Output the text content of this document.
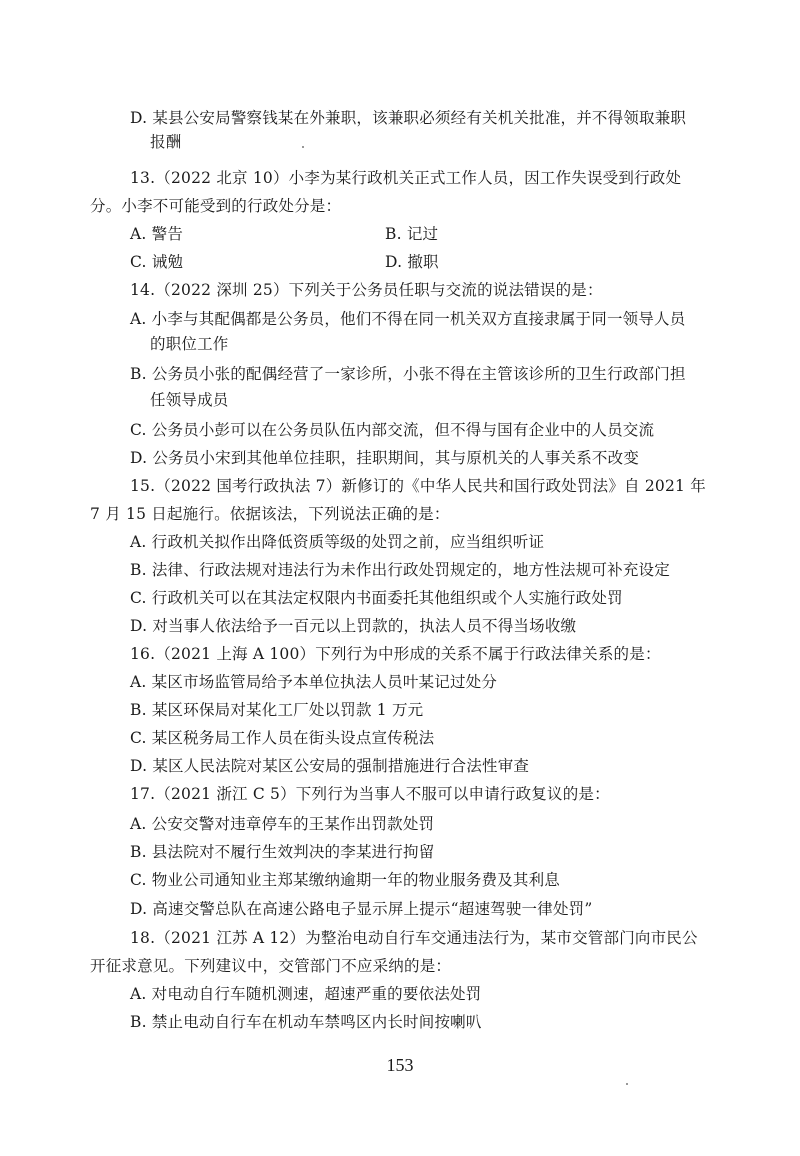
D. 某县公安局警察钱某在外兼职，该兼职必须经有关机关批准，并不得领取兼职

报酬

13.（2022 北京 10）小李为某行政机关正式工作人员，因工作失误受到行政处

分。小李不可能受到的行政处分是：

A. 警告	B. 记过

C. 诫勉	D. 撤职

14.（2022 深圳 25）下列关于公务员任职与交流的说法错误的是：

A. 小李与其配偶都是公务员，他们不得在同一机关双方直接隶属于同一领导人员

的职位工作

B. 公务员小张的配偶经营了一家诊所，小张不得在主管该诊所的卫生行政部门担

任领导成员

C. 公务员小彭可以在公务员队伍内部交流，但不得与国有企业中的人员交流

D. 公务员小宋到其他单位挂职，挂职期间，其与原机关的人事关系不改变

15.（2022 国考行政执法 7）新修订的《中华人民共和国行政处罚法》自 2021 年

7 月 15 日起施行。依据该法，下列说法正确的是：

A. 行政机关拟作出降低资质等级的处罚之前，应当组织听证

B. 法律、行政法规对违法行为未作出行政处罚规定的，地方性法规可补充设定

C. 行政机关可以在其法定权限内书面委托其他组织或个人实施行政处罚

D. 对当事人依法给予一百元以上罚款的，执法人员不得当场收缴

16.（2021 上海 A 100）下列行为中形成的关系不属于行政法律关系的是：

A. 某区市场监管局给予本单位执法人员叶某记过处分

B. 某区环保局对某化工厂处以罚款 1 万元

C. 某区税务局工作人员在街头设点宣传税法

D. 某区人民法院对某区公安局的强制措施进行合法性审查

17.（2021 浙江 C 5）下列行为当事人不服可以申请行政复议的是：

A. 公安交警对违章停车的王某作出罚款处罚

B. 县法院对不履行生效判决的李某进行拘留

C. 物业公司通知业主郑某缴纳逾期一年的物业服务费及其利息

D. 高速交警总队在高速公路电子显示屏上提示“超速驾驶一律处罚”

18.（2021 江苏 A 12）为整治电动自行车交通违法行为，某市交管部门向市民公

开征求意见。下列建议中，交管部门不应采纳的是：

A. 对电动自行车随机测速，超速严重的要依法处罚

B. 禁止电动自行车在机动车禁鸣区内长时间按喇叭

153
